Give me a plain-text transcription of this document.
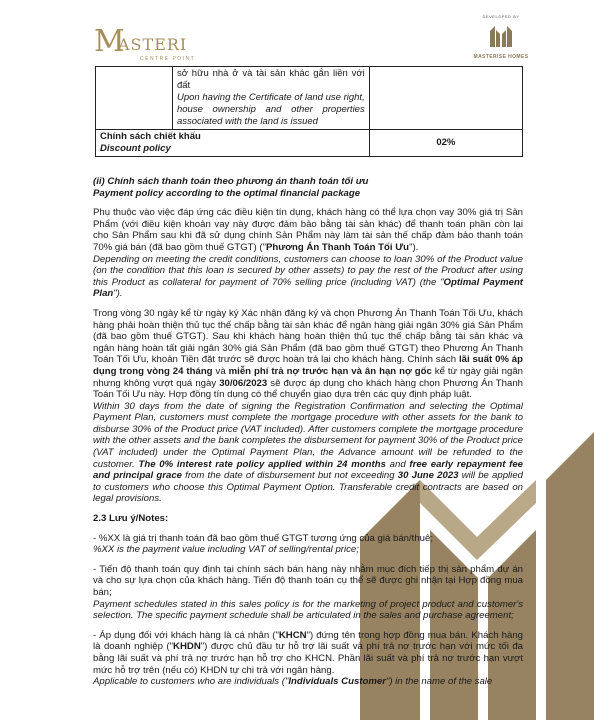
M
ASTERI
CENTRE POINT
DEVELOPED BY
MASTERISE HOMES

	sở hữu nhà ở và tài sản khác gắn liền với đất
Upon having the Certificate of land use right, house ownership and other properties associated with the land is issued	

Chính sách chiết khấu
Discount policy		02%

(ii) Chính sách thanh toán theo phương án thanh toán tối ưu
Payment policy according to the optimal financial package

Phụ thuộc vào việc đáp ứng các điều kiện tín dụng, khách hàng có thể lựa chọn vay 30% giá trị Sản Phẩm (với điều kiện khoản vay này được đảm bảo bằng tài sản khác) để thanh toán phần còn lại cho Sản Phẩm sau khi đã sử dụng chính Sản Phẩm này làm tài sản thế chấp đảm bảo thanh toán 70% giá bán (đã bao gồm thuế GTGT) ("Phương Án Thanh Toán Tối Ưu").
Depending on meeting the credit conditions, customers can choose to loan 30% of the Product value (on the condition that this loan is secured by other assets) to pay the rest of the Product after using this Product as collateral for payment of 70% selling price (including VAT) (the "Optimal Payment Plan").

Trong vòng 30 ngày kể từ ngày ký Xác nhận đăng ký và chọn Phương Án Thanh Toán Tối Ưu, khách hàng phải hoàn thiện thủ tục thế chấp bằng tài sản khác để ngân hàng giải ngân 30% giá Sản Phẩm (đã bao gồm thuế GTGT). Sau khi khách hàng hoàn thiện thủ tục thế chấp bằng tài sản khác và ngân hàng hoàn tất giải ngân 30% giá Sản Phẩm (đã bao gồm thuế GTGT) theo Phương Án Thanh Toán Tối Ưu, khoản Tiền đặt trước sẽ được hoàn trả lại cho khách hàng. Chính sách lãi suất 0% áp dụng trong vòng 24 tháng và miễn phí trả nợ trước hạn và ân hạn nợ gốc kể từ ngày giải ngân nhưng không vượt quá ngày 30/06/2023 sẽ được áp dụng cho khách hàng chọn Phương Án Thanh Toán Tối Ưu này. Hợp đồng tín dụng có thể chuyển giao dựa trên các quy định pháp luật.
Within 30 days from the date of signing the Registration Confirmation and selecting the Optimal Payment Plan, customers must complete the mortgage procedure with other assets for the bank to disburse 30% of the Product price (VAT included). After customers complete the mortgage procedure with the other assets and the bank completes the disbursement for payment 30% of the Product price (VAT included) under the Optimal Payment Plan, the Advance amount will be refunded to the customer. The 0% interest rate policy applied within 24 months and free early repayment fee and principal grace from the date of disbursement but not exceeding 30 June 2023 will be applied to customers who choose this Optimal Payment Option. Transferable credit contracts are based on legal provisions.

2.3 Lưu ý/Notes:

- %XX là giá trị thanh toán đã bao gồm thuế GTGT tương ứng của giá bán/thuê;
%XX is the payment value including VAT of selling/rental price;

- Tiến độ thanh toán quy định tại chính sách bán hàng này nhằm mục đích tiếp thị sản phẩm dự án và cho sự lựa chọn của khách hàng. Tiến độ thanh toán cụ thể sẽ được ghi nhận tại Hợp đồng mua bán;
Payment schedules stated in this sales policy is for the marketing of project product and customer's selection. The specific payment schedule shall be articulated in the sales and purchase agreement;

- Áp dụng đối với khách hàng là cá nhân ("KHCN") đứng tên trong hợp đồng mua bán. Khách hàng là doanh nghiệp ("KHDN") được chủ đầu tư hỗ trợ lãi suất và phí trả nợ trước hạn với mức tối đa bằng lãi suất và phí trả nợ trước hạn hỗ trợ cho KHCN. Phần lãi suất và phí trả nợ trước hạn vượt mức hỗ trợ trên (nếu có) KHDN tự chi trả với ngân hàng.
Applicable to customers who are individuals ("Individuals Customer") in the name of the sale
